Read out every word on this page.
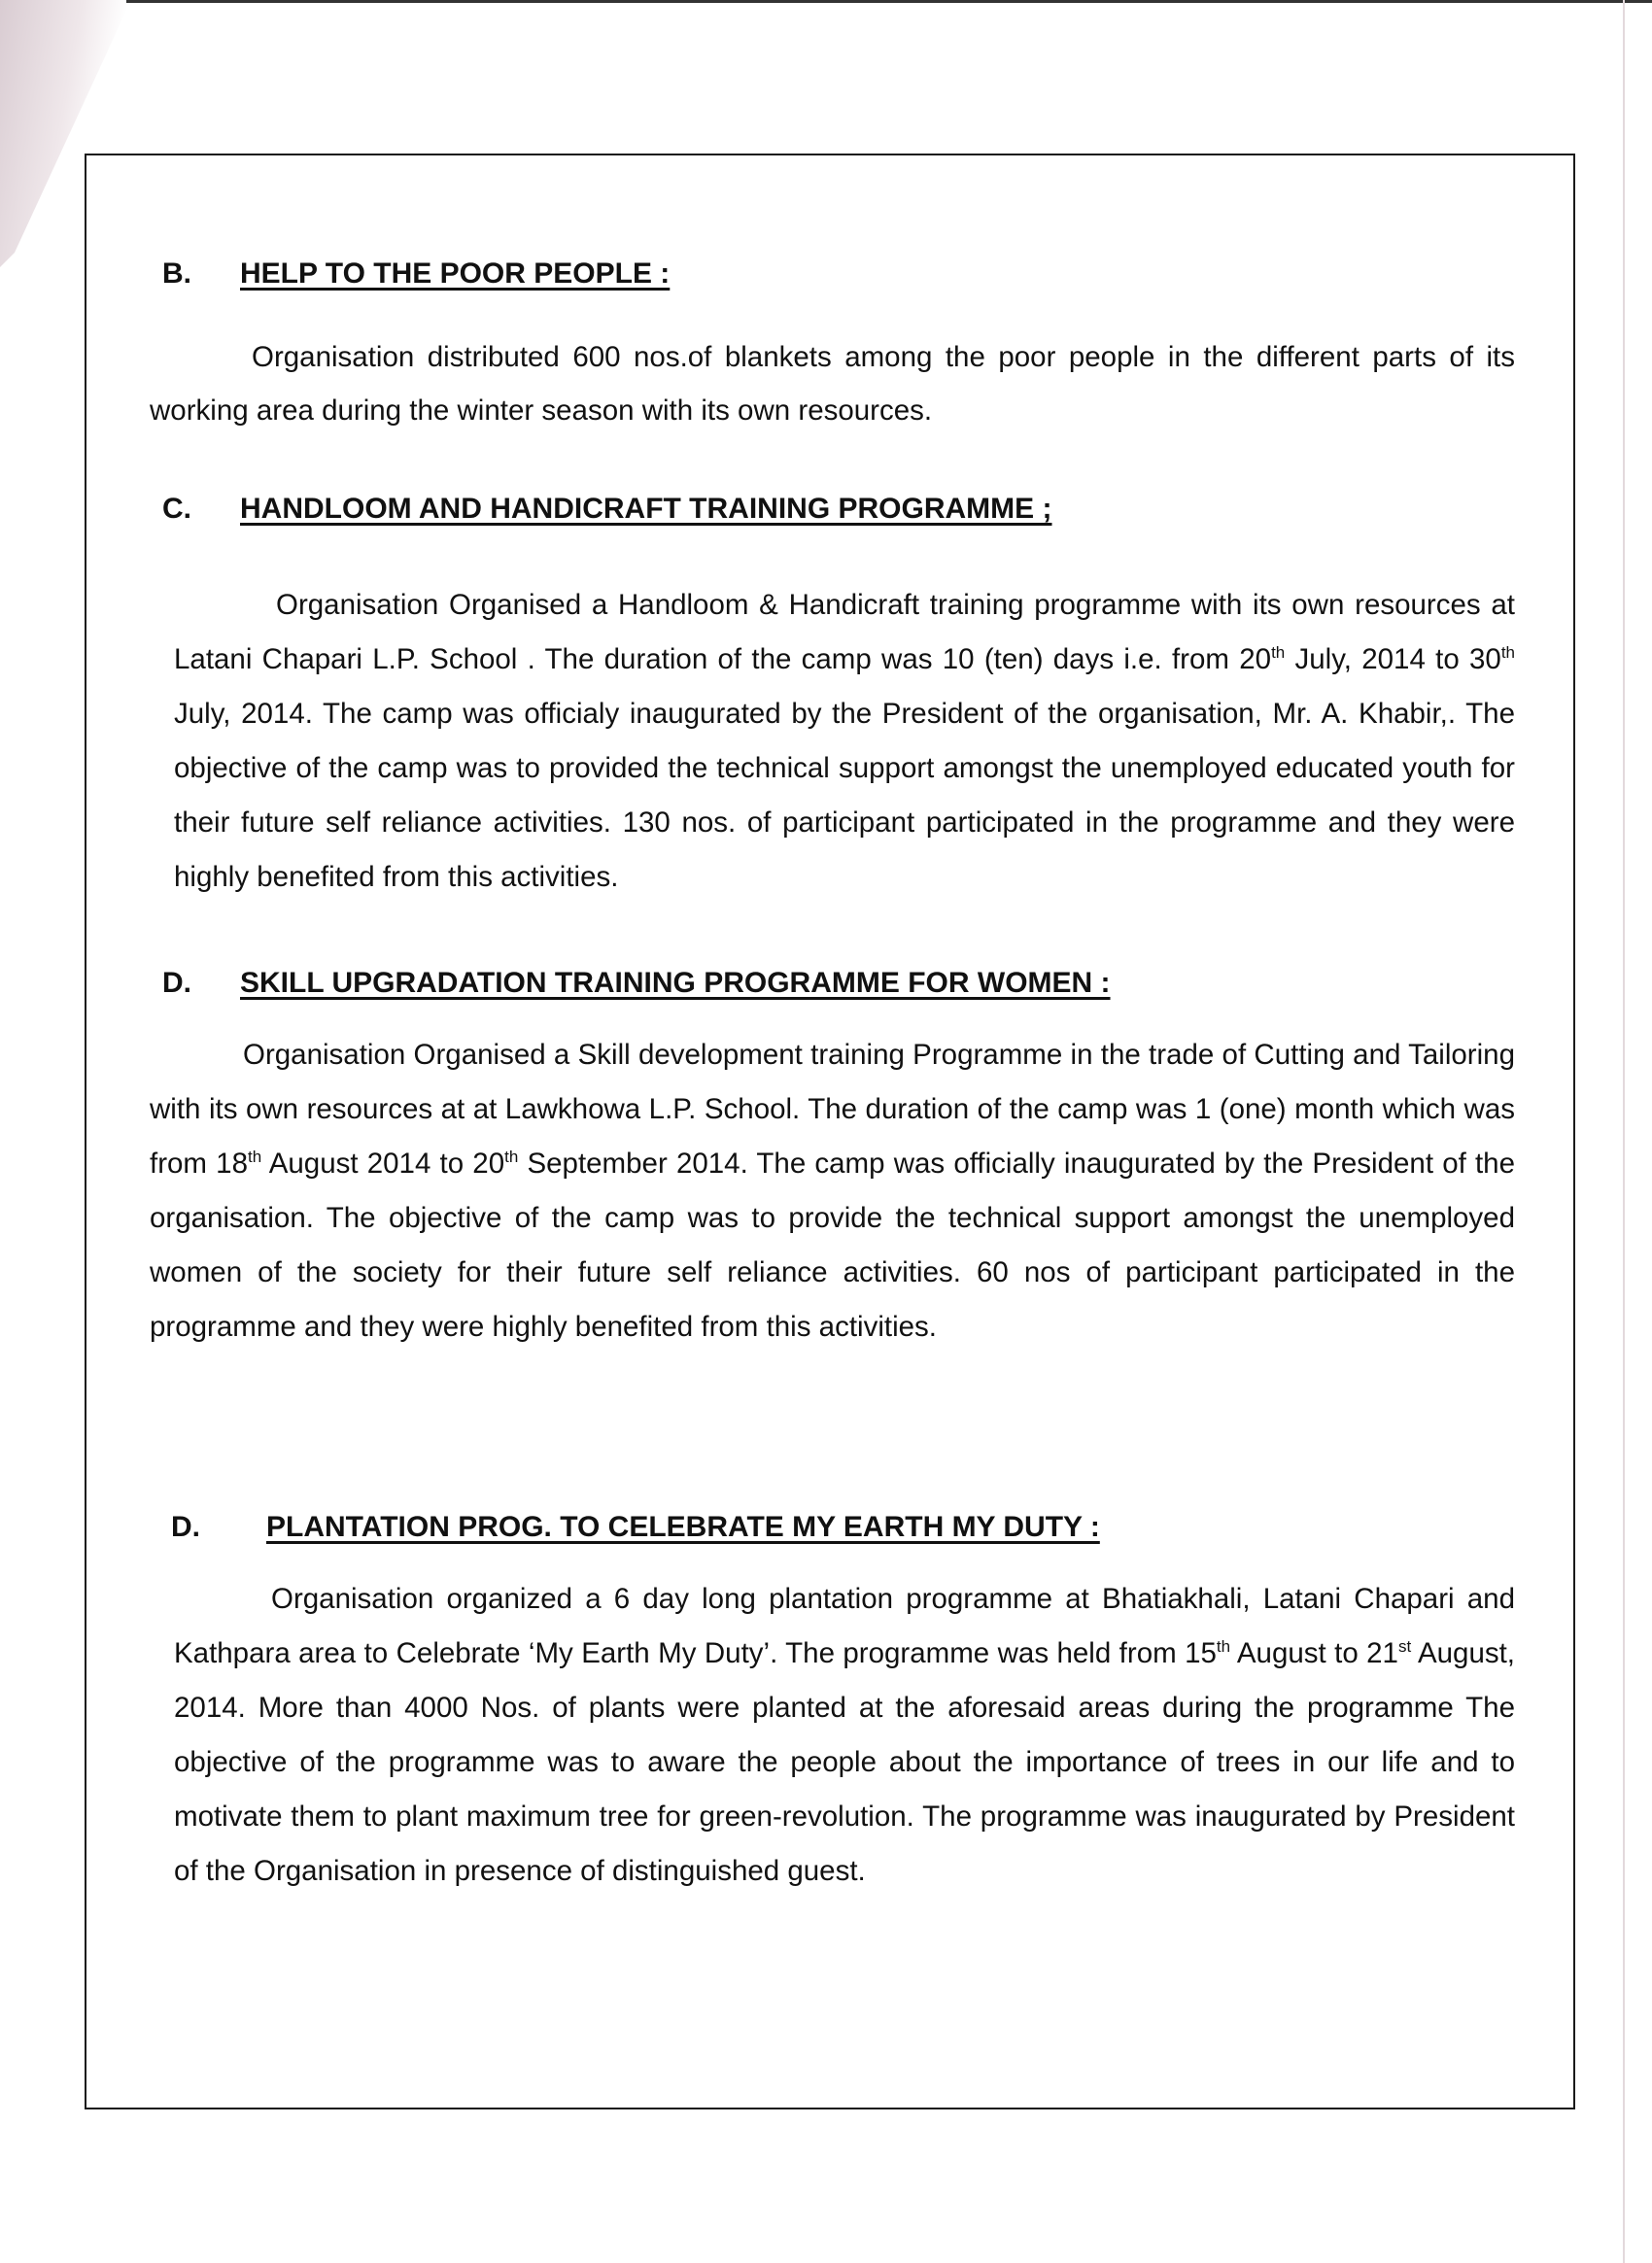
B. HELP TO THE POOR PEOPLE :
Organisation distributed 600 nos.of blankets among the poor people in the different parts of its working area during the winter season with its own resources.
C. HANDLOOM AND HANDICRAFT TRAINING PROGRAMME ;
Organisation Organised a Handloom & Handicraft training programme with its own resources at Latani Chapari L.P. School . The duration of the camp was 10 (ten) days i.e. from 20th July, 2014 to 30th July, 2014. The camp was officialy inaugurated by the President of the organisation, Mr. A. Khabir,. The objective of the camp was to provided the technical support amongst the unemployed educated youth for their future self reliance activities. 130 nos. of participant participated in the programme and they were highly benefited from this activities.
D. SKILL UPGRADATION TRAINING PROGRAMME FOR WOMEN :
Organisation Organised a Skill development training Programme in the trade of Cutting and Tailoring with its own resources at at Lawkhowa L.P. School. The duration of the camp was 1 (one) month which was from 18th August 2014 to 20th September 2014. The camp was officially inaugurated by the President of the organisation. The objective of the camp was to provide the technical support amongst the unemployed women of the society for their future self reliance activities. 60 nos of participant participated in the programme and they were highly benefited from this activities.
D. PLANTATION PROG. TO CELEBRATE MY EARTH MY DUTY :
Organisation organized a 6 day long plantation programme at Bhatiakhali, Latani Chapari and Kathpara area to Celebrate ‘My Earth My Duty’. The programme was held from 15th August to 21st August, 2014. More than 4000 Nos. of plants were planted at the aforesaid areas during the programme The objective of the programme was to aware the people about the importance of trees in our life and to motivate them to plant maximum tree for green-revolution. The programme was inaugurated by President of the Organisation in presence of distinguished guest.
